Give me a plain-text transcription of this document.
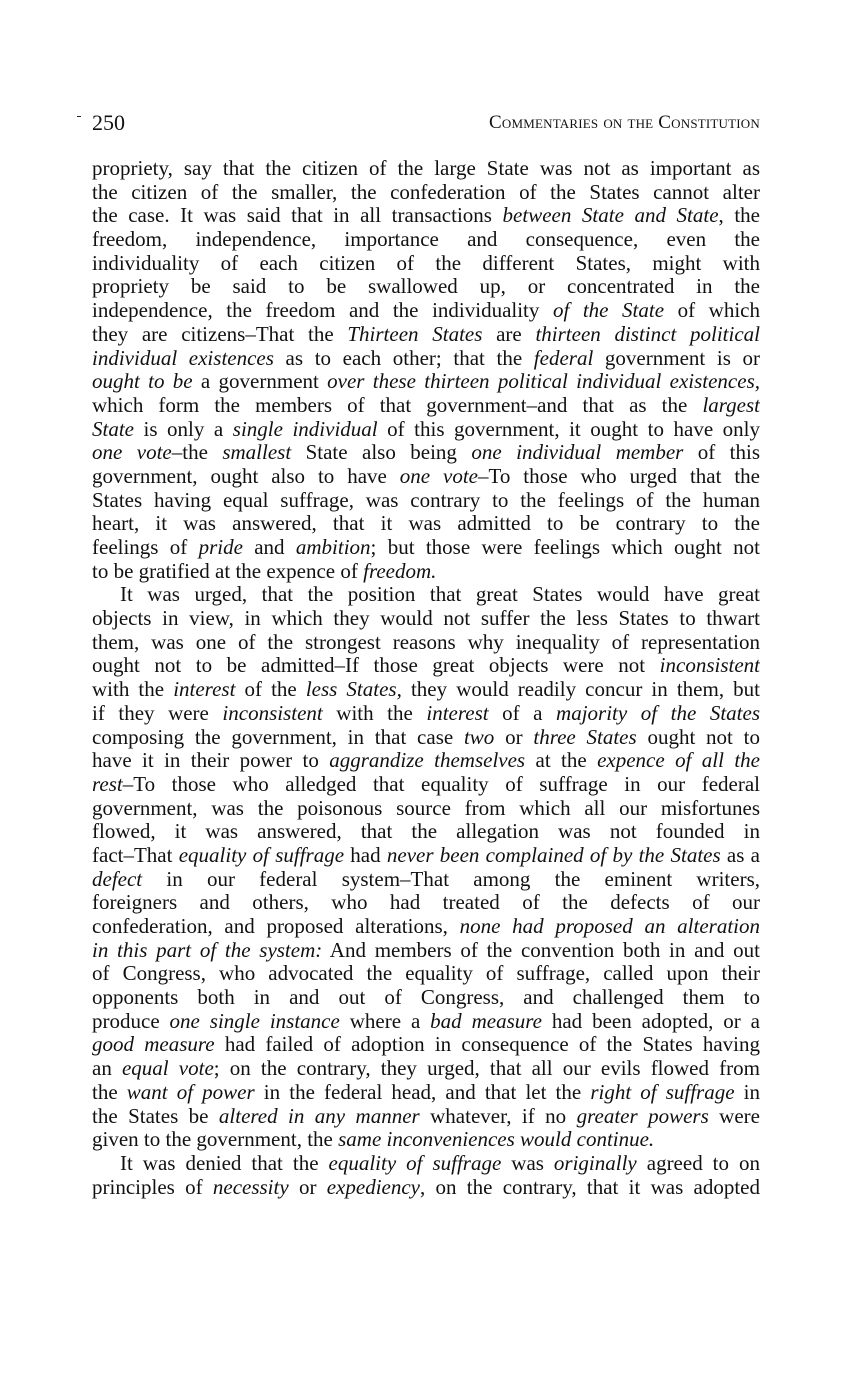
250	Commentaries on the Constitution
propriety, say that the citizen of the large State was not as important as
the citizen of the smaller, the confederation of the States cannot alter
the case. It was said that in all transactions between State and State, the
freedom, independence, importance and consequence, even the
individuality of each citizen of the different States, might with
propriety be said to be swallowed up, or concentrated in the
independence, the freedom and the individuality of the State of which
they are citizens–That the Thirteen States are thirteen distinct political
individual existences as to each other; that the federal government is or
ought to be a government over these thirteen political individual existences,
which form the members of that government–and that as the largest
State is only a single individual of this government, it ought to have only
one vote–the smallest State also being one individual member of this
government, ought also to have one vote–To those who urged that the
States having equal suffrage, was contrary to the feelings of the human
heart, it was answered, that it was admitted to be contrary to the
feelings of pride and ambition; but those were feelings which ought not
to be gratified at the expence of freedom.
It was urged, that the position that great States would have great
objects in view, in which they would not suffer the less States to thwart
them, was one of the strongest reasons why inequality of representation
ought not to be admitted–If those great objects were not inconsistent
with the interest of the less States, they would readily concur in them, but
if they were inconsistent with the interest of a majority of the States
composing the government, in that case two or three States ought not to
have it in their power to aggrandize themselves at the expence of all the
rest–To those who alledged that equality of suffrage in our federal
government, was the poisonous source from which all our misfortunes
flowed, it was answered, that the allegation was not founded in
fact–That equality of suffrage had never been complained of by the States as a
defect in our federal system–That among the eminent writers,
foreigners and others, who had treated of the defects of our
confederation, and proposed alterations, none had proposed an alteration
in this part of the system: And members of the convention both in and out
of Congress, who advocated the equality of suffrage, called upon their
opponents both in and out of Congress, and challenged them to
produce one single instance where a bad measure had been adopted, or a
good measure had failed of adoption in consequence of the States having
an equal vote; on the contrary, they urged, that all our evils flowed from
the want of power in the federal head, and that let the right of suffrage in
the States be altered in any manner whatever, if no greater powers were
given to the government, the same inconveniences would continue.
It was denied that the equality of suffrage was originally agreed to on
principles of necessity or expediency, on the contrary, that it was adopted
